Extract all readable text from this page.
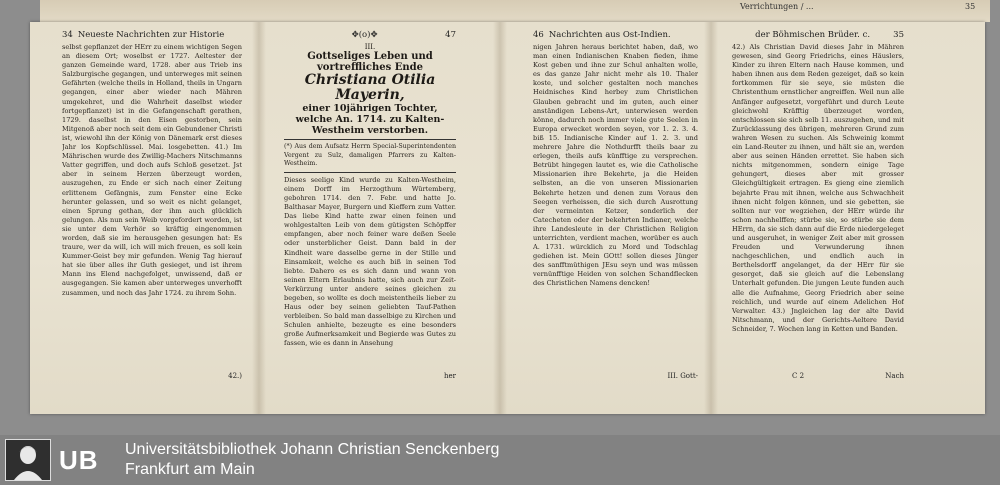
Verrichtungen / ...	35
34 Neueste Nachrichten zur Historie
selbst gepflanzet der HErr zu einem wichtigen Segen an diesem Ort; woselbst er 1727. Aeltester der ganzen Gemeinde ward, 1728. aber aus Trieb ins Salzburgische gegangen, und unterweges mit seinen Gefährten (welche theils in Holland, theils in Ungarn gegangen, einer aber wieder nach Mähren umgekehret, und die Wahrheit daselbst wieder fortgepflanzet) ist in die Gefangenschaft gerathen, 1729. daselbst in den Eisen gestorben, sein Mitgenoß aber noch seit dem ein Gebundener Christi ist, wiewohl ihn der König von Dänemark erst dieses Jahr los Kopfschlüssel. Mai. losgebetten. 41.) Im Mährischen wurde des Zwillig-Machers Nitschmanns Vatter gegriffen, und doch aufs Schloß gesetzet. Jst aber in seinem Herzen überzeugt worden, auszugehen, zu Ende er sich nach einer Zeitung erlittenem Gefängnis, zum Fenster eine Ecke herunter gelassen, und so weit es nicht gelanget, einen Sprung gethan, der ihm auch glücklich gelungen. Als nun sein Weib vorgefordert worden, ist sie unter dem Verhör so kräftig eingenommen worden, daß sie im herausgehen gesungen hat: Es traure, wer da will, ich will mich freuen, es soll kein Kummer-Geist bey mir gefunden. Wenig Tag hierauf hat sie über alles ihr Guth gesieget, und ist ihrem Mann ins Elend nachgefolget, unwissend, daß er ausgegangen. Sie kamen aber unterweges unverhofft zusammen, und noch das Jahr 1724. zu ihrem Sohn.
42.)
✥(o)✥	47
III.
Gottseliges Leben und vortreffliches Ende
Christiana Otilia Mayerin,
einer 10jährigen Tochter, welche An. 1714. zu Kalten-Westheim verstorben.
(*) Aus dem Aufsatz Herrn Special-Superintendenten Vergent zu Sulz, damaligen Pfarrers zu Kalten-Westheim.
Dieses seelige Kind wurde zu Kalten-Westheim, einem Dorff im Herzogthum Würtemberg, gebohren 1714. den 7. Febr. und hatte Jo. Balthasar Mayer, Burgern und Kieffern zum Vatter. Das liebe Kind hatte zwar einen feinen und wohlgestalten Leib von dem gütigsten Schöpffer empfangen, aber noch feiner ware deßen Seele oder unsterblicher Geist. Dann bald in der Kindheit ware dasselbe gerne in der Stille und Einsamkeit, welche es auch biß in seinen Tod liebte. Dahero es es sich dann und wann von seinen Eltern Erlaubnis hatte, sich auch zur Zeit-Verkürzung unter andere seines gleichen zu begeben, so wollte es doch meistentheils lieber zu Haus oder bey seinen geliebten Tauf-Pathen verbleiben. So bald man dasselbige zu Kirchen und Schulen anhielte, bezeugte es eine besonders große Aufmerksamkeit und Begierde was Gutes zu fassen, wie es dann in Ansehung
her
46 Nachrichten aus Ost-Indien.
nigen Jahren heraus berichtet haben, daß, wo man einen Indianischen Knaben fieden, ihme Kost geben und ihne zur Schul anhalten wolle, es das ganze Jahr nicht mehr als 10. Thaler koste, und solcher gestalten noch manches Heidnisches Kind herbey zum Christlichen Glauben gebracht und im guten, auch einer anständigen Lebens-Art, unterwiesen werden könne, dadurch noch immer viele gute Seelen in Europa erwecket worden seyen, vor 1. 2. 3. 4. biß 15. Indianische Kinder auf 1. 2. 3. und mehrere Jahre die Nothdurfft theils baar zu erlegen, theils aufs künfftige zu versprechen. Betrübt hingegen lautet es, wie die Catholische Missionarien ihre Bekehrte, ja die Heiden selbsten, an die von unseren Missionarien Bekehrte hetzen und denen zum Voraus den Seegen verheissen, die sich durch Ausrottung der vermeinten Ketzer, sonderlich der Catecheten oder der bekehrten Indianer, welche ihre Landesleute in der Christlichen Religion unterrichten, verdient machen, worüber es auch A. 1731. würcklich zu Mord und Todschlag gediehen ist. Mein GOtt! sollen dieses Jünger des sanfftmüthigen JEsu seyn und was müssen vernünfftige Heiden von solchen Schandflecken des Christlichen Namens dencken!
III. Gott-
der Böhmischen Brüder. c.	35
42.) Als Christian David dieses Jahr in Mähren gewesen, sind Georg Friedrichs, eines Häuslers, Kinder zu ihren Eltern nach Hause kommen, und haben ihnen aus dem Reden gezeiget, daß so kein fortkommen für sie seye, sie müsten die Christenthum ernstlicher angreiffen. Weil nun alle Anfänger aufgesetzt, vorgeführt und durch Leute gleichwohl Kräfftig überzeuget worden, entschlossen sie sich selb 11. auszugehen, und mit Zurücklassung des übrigen, mehreren Grund zum wahren Wesen zu suchen. Als Schweinig kommt ein Land-Reuter zu ihnen, und hält sie an, werden aber aus seinen Händen errettet. Sie haben sich nichts mitgenommen, sondern einige Tage gehungert, dieses aber mit grosser Gleichgültigkeit ertragen. Es gieng eine ziemlich bejahrte Frau mit ihnen, welche aus Schwachheit ihnen nicht folgen können, und sie gebetten, sie sollten nur vor wegziehen, der HErr würde ihr schon nachhelffen; stürbe sie, so stürbe sie dem HErrn, da sie sich dann auf die Erde niedergeleget und ausgeruhet, in weniger Zeit aber mit grossen Freuden und Verwunderung ihnen nachgeschlichen, und endlich auch in Berthelsdorff angelanget, da der HErr für sie gesorget, daß sie gleich auf die Lebenslang Unterhalt gefunden. Die jungen Leute funden auch alle die Aufnahme, Georg Friedrich aber seine reichlich, und wurde auf einem Adelichen Hof Verwalter. 43.) Jngleichen lag der alte David Nitschmann, und der Gerichts-Aeltere David Schneider, 7. Wochen lang in Ketten und Banden.
C 2	Nach
UB Universitätsbibliothek Johann Christian Senckenberg
Frankfurt am Main
